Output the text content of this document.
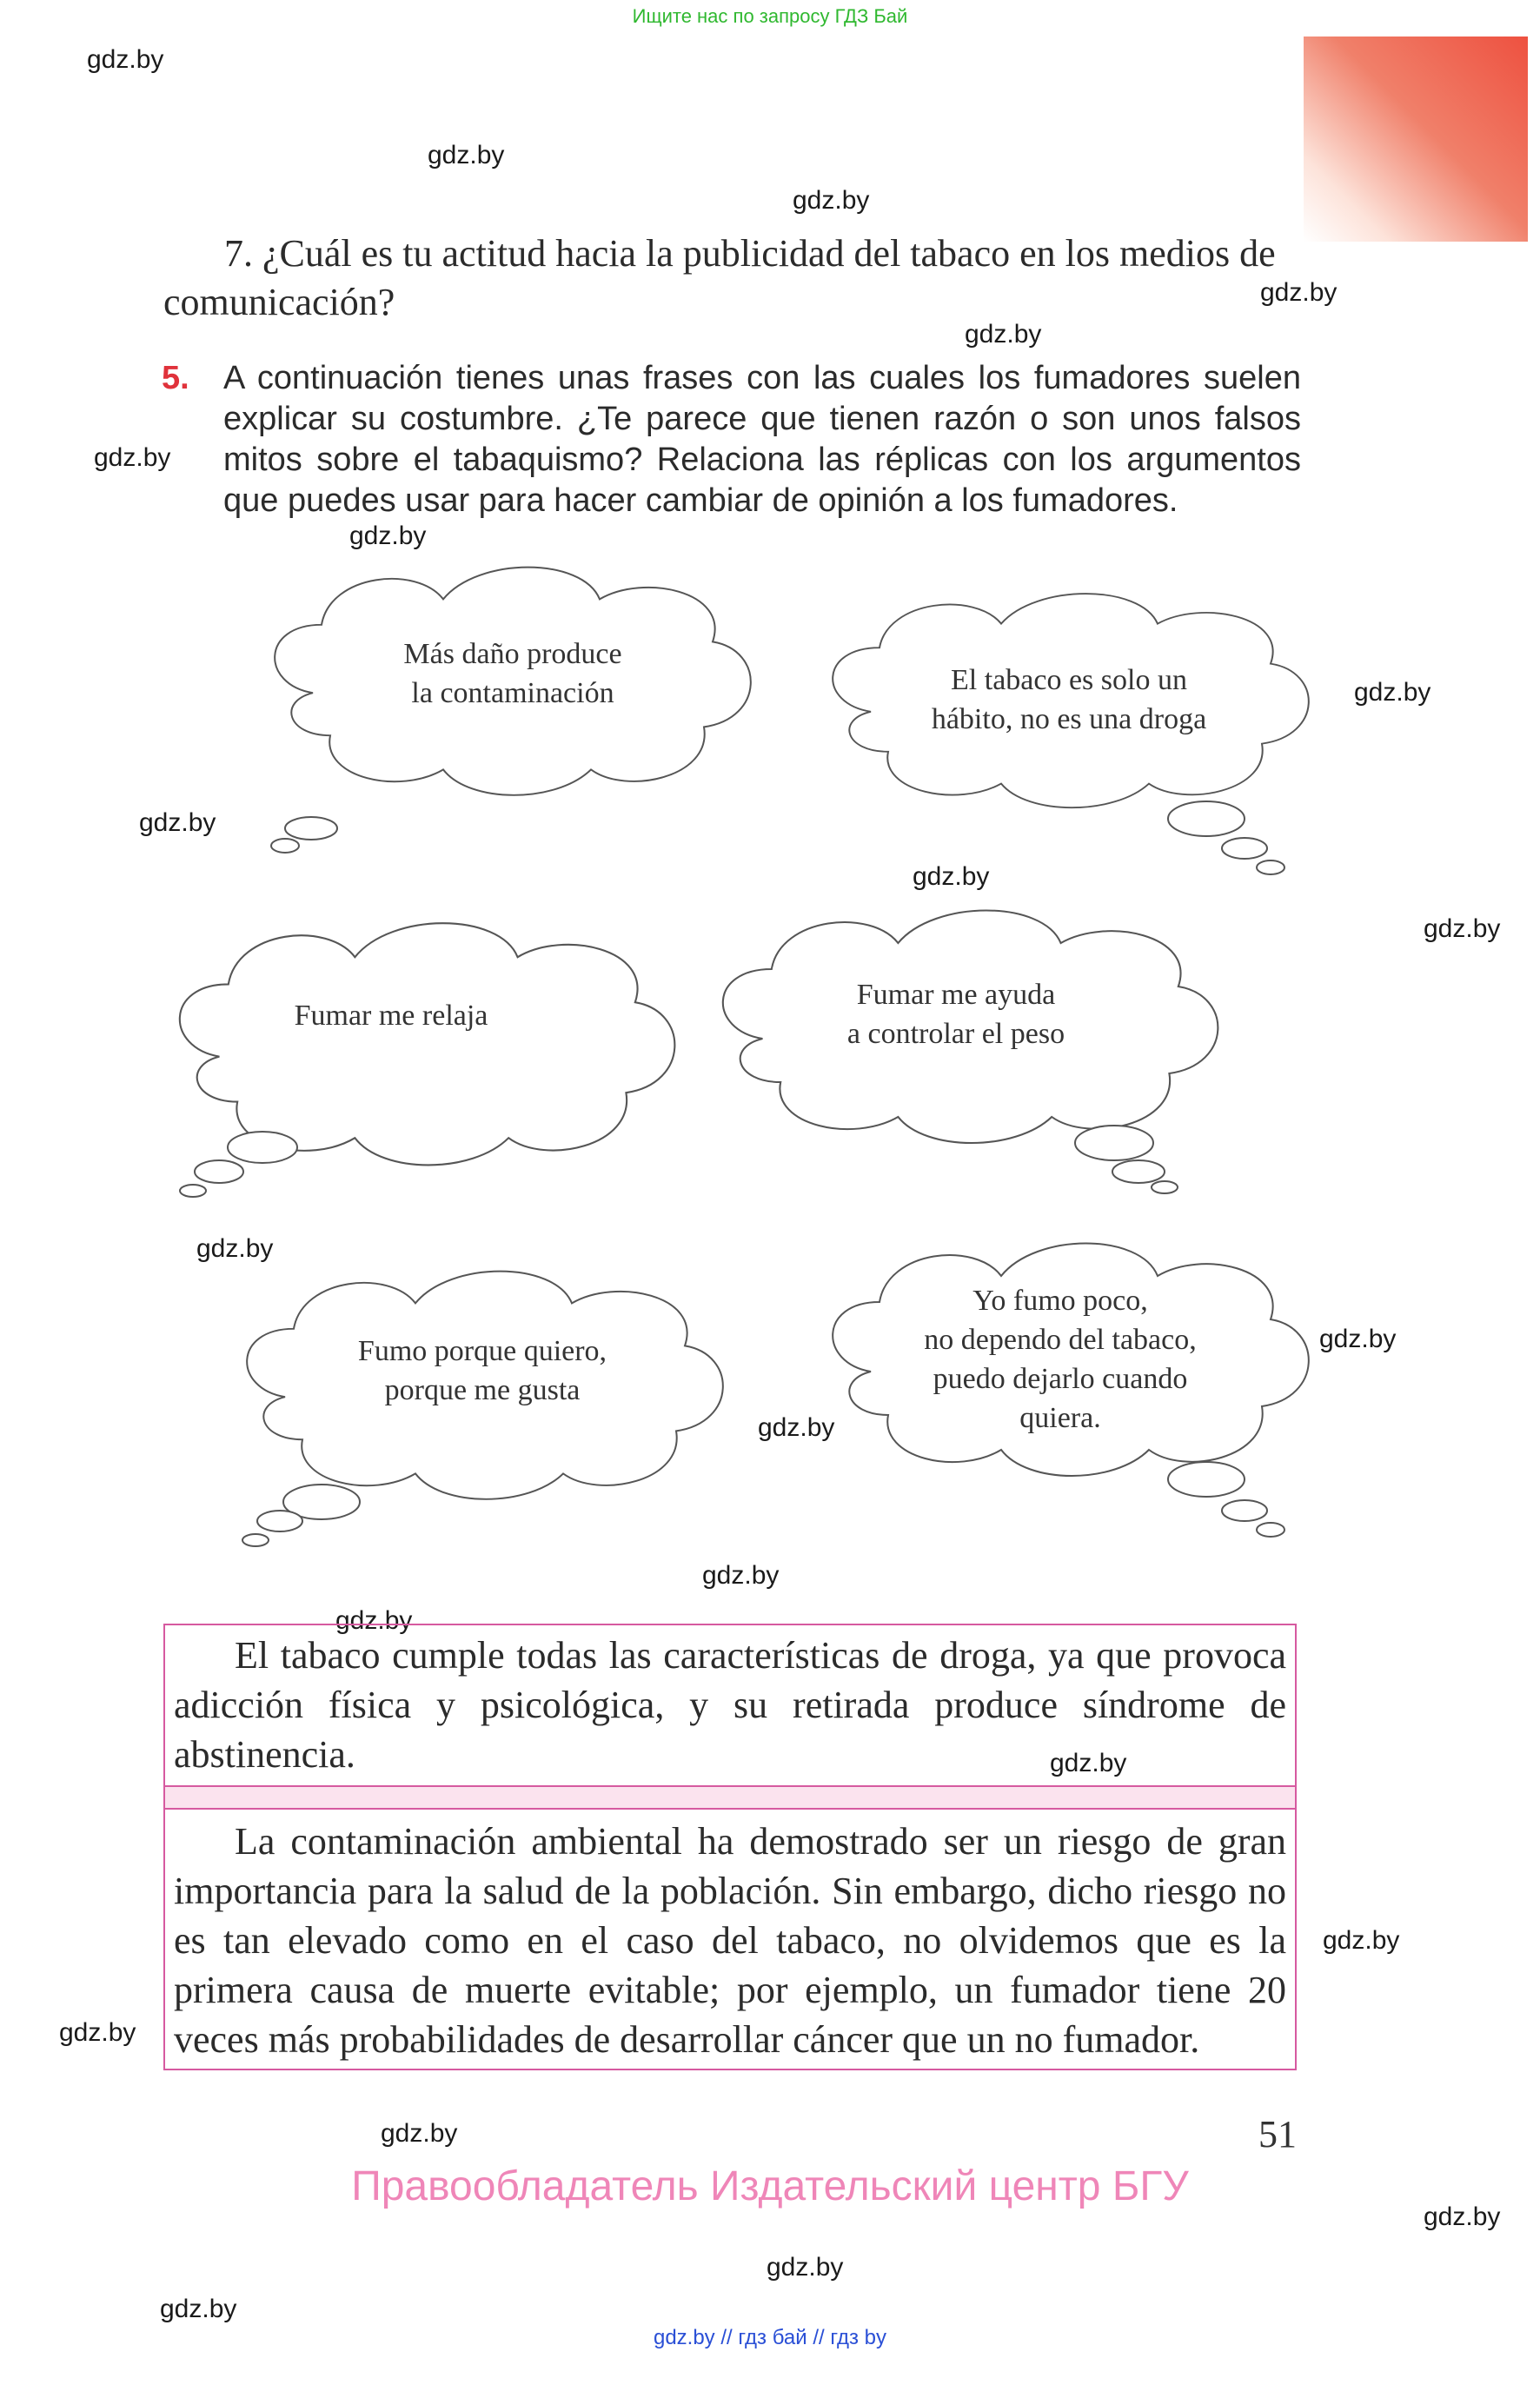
Ищите нас по запросу ГДЗ Бай
gdz.by
gdz.by
gdz.by
gdz.by
gdz.by
gdz.by
gdz.by
gdz.by
gdz.by
gdz.by
gdz.by
gdz.by
gdz.by
gdz.by
gdz.by
gdz.by
gdz.by
gdz.by
gdz.by
gdz.by
gdz.by
gdz.by
gdz.by
7. ¿Cuál es tu actitud hacia la publicidad del tabaco en los medios de comunicación?
5. A continuación tienes unas frases con las cuales los fumadores suelen explicar su costumbre. ¿Te parece que tienen razón o son unos falsos mitos sobre el tabaquismo? Relaciona las réplicas con los argumentos que puedes usar para hacer cambiar de opinión a los fumadores.
Más daño produce
la contaminación	El tabaco es solo un
hábito, no es una droga
Fumar me relaja
Fumar me ayuda
a controlar el peso
Fumo porque quiero,
porque me gusta
Yo fumo poco,
no dependo del tabaco,
puedo dejarlo cuando
quiera.

El tabaco cumple todas las características de droga, ya que provoca adicción física y psicológica, y su retirada produce síndrome de abstinencia.

La contaminación ambiental ha demostrado ser un riesgo de gran importancia para la salud de la población. Sin embargo, dicho riesgo no es tan elevado como en el caso del tabaco, no olvidemos que es la primera causa de muerte evitable; por ejemplo, un fumador tiene 20 veces más probabilidades de desarrollar cáncer que un no fumador.

51
Правообладатель Издательский центр БГУ
gdz.by // гдз бай // гдз by
